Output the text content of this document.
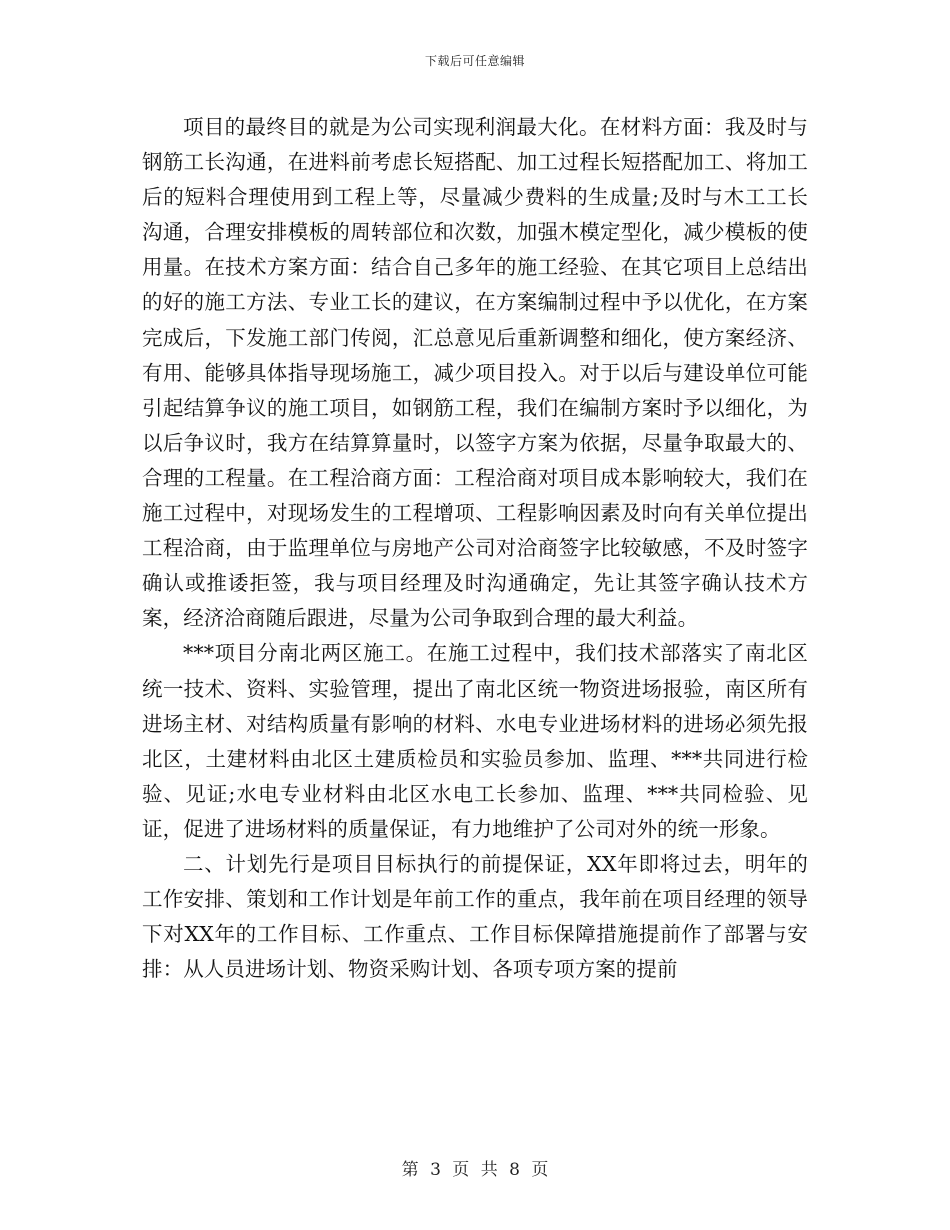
下载后可任意编辑

项目的最终目的就是为公司实现利润最大化。在材料方面：我及时与钢筋工长沟通，在进料前考虑长短搭配、加工过程长短搭配加工、将加工后的短料合理使用到工程上等，尽量减少费料的生成量;及时与木工工长沟通，合理安排模板的周转部位和次数，加强木模定型化，减少模板的使用量。在技术方案方面：结合自己多年的施工经验、在其它项目上总结出的好的施工方法、专业工长的建议，在方案编制过程中予以优化，在方案完成后，下发施工部门传阅，汇总意见后重新调整和细化，使方案经济、有用、能够具体指导现场施工，减少项目投入。对于以后与建设单位可能引起结算争议的施工项目，如钢筋工程，我们在编制方案时予以细化，为以后争议时，我方在结算算量时，以签字方案为依据，尽量争取最大的、合理的工程量。在工程洽商方面：工程洽商对项目成本影响较大，我们在施工过程中，对现场发生的工程增项、工程影响因素及时向有关单位提出工程洽商，由于监理单位与房地产公司对洽商签字比较敏感，不及时签字确认或推诿拒签，我与项目经理及时沟通确定，先让其签字确认技术方案，经济洽商随后跟进，尽量为公司争取到合理的最大利益。

***项目分南北两区施工。在施工过程中，我们技术部落实了南北区统一技术、资料、实验管理，提出了南北区统一物资进场报验，南区所有进场主材、对结构质量有影响的材料、水电专业进场材料的进场必须先报北区，土建材料由北区土建质检员和实验员参加、监理、***共同进行检验、见证;水电专业材料由北区水电工长参加、监理、***共同检验、见证，促进了进场材料的质量保证，有力地维护了公司对外的统一形象。

二、计划先行是项目目标执行的前提保证，XX年即将过去，明年的工作安排、策划和工作计划是年前工作的重点，我年前在项目经理的领导下对XX年的工作目标、工作重点、工作目标保障措施提前作了部署与安排：从人员进场计划、物资采购计划、各项专项方案的提前

第 3 页 共 8 页
